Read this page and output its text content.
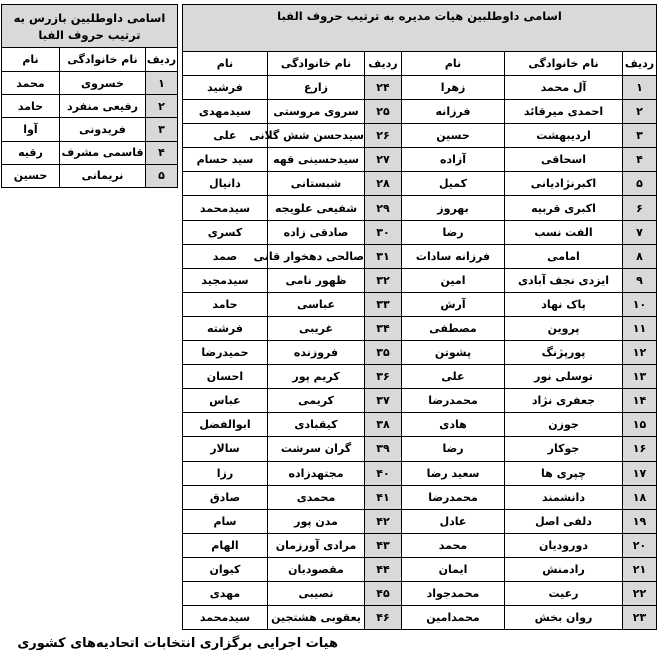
اسامی داوطلبین هیات مدیره به ترتیب حروف الفبا					
ردیف	نام خانوادگی	نام	ردیف	نام خانوادگی	نام
۱	آل محمد	زهرا	۲۴	زارع	فرشید
۲	احمدی میرقائد	فرزانه	۲۵	سروی مروستی	سیدمهدی
۳	اردیبهشت	حسین	۲۶	سیدحسن شش گلانی	علی
۴	اسحاقی	آزاده	۲۷	سیدحسینی قهه	سید حسام
۵	اکبرنژادیانی	کمیل	۲۸	شبستانی	دانیال
۶	اکبری قربیه	بهروز	۲۹	شفیعی علویجه	سیدمحمد
۷	الفت نسب	رضا	۳۰	صادقی زاده	کسری
۸	امامی	فرزانه سادات	۳۱	صالحی دهخوار قانی	صمد
۹	ایزدی نجف آبادی	امین	۳۲	ظهور نامی	سیدمجید
۱۰	پاک نهاد	آرش	۳۳	عباسی	حامد
۱۱	پروین	مصطفی	۳۴	غریبی	فرشته
۱۲	پورپژنگ	پشوتن	۳۵	فروزنده	حمیدرضا
۱۳	توسلی نور	علی	۳۶	کریم پور	احسان
۱۴	جعفری نژاد	محمدرضا	۳۷	کریمی	عباس
۱۵	جوزن	هادی	۳۸	کیقبادی	ابوالفضل
۱۶	جوکار	رضا	۳۹	گران سرشت	سالار
۱۷	چپری ها	سعید رضا	۴۰	مجتهدزاده	رزا
۱۸	دانشمند	محمدرضا	۴۱	محمدی	صادق
۱۹	دلفی اصل	عادل	۴۲	مدن پور	سام
۲۰	دوروديان	محمد	۴۳	مرادی آورزمان	الهام
۲۱	رادمنش	ایمان	۴۴	مقصودیان	کیوان
۲۲	رعیت	محمدجواد	۴۵	نصیبی	مهدی
۲۳	روان بخش	محمدامین	۴۶	یعقوبی هشتجین	سیدمحمد
اسامی داوطلبین بازرس به ترتیب حروف الفبا		
ردیف	نام خانوادگی	نام
۱	خسروی	محمد
۲	رفیعی منفرد	حامد
۳	فریدونی	آوا
۴	قاسمی مشرف	رقیه
۵	نریمانی	حسین
هیات اجرایی برگزاری انتخابات اتحادیه‌های کشوری
